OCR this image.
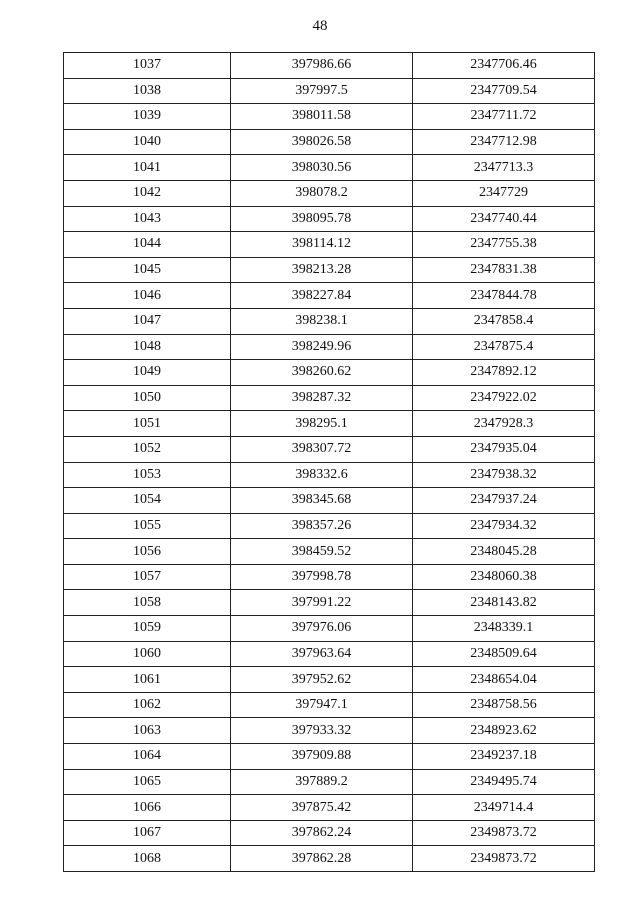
48
1037	397986.66	2347706.46
1038	397997.5	2347709.54
1039	398011.58	2347711.72
1040	398026.58	2347712.98
1041	398030.56	2347713.3
1042	398078.2	2347729
1043	398095.78	2347740.44
1044	398114.12	2347755.38
1045	398213.28	2347831.38
1046	398227.84	2347844.78
1047	398238.1	2347858.4
1048	398249.96	2347875.4
1049	398260.62	2347892.12
1050	398287.32	2347922.02
1051	398295.1	2347928.3
1052	398307.72	2347935.04
1053	398332.6	2347938.32
1054	398345.68	2347937.24
1055	398357.26	2347934.32
1056	398459.52	2348045.28
1057	397998.78	2348060.38
1058	397991.22	2348143.82
1059	397976.06	2348339.1
1060	397963.64	2348509.64
1061	397952.62	2348654.04
1062	397947.1	2348758.56
1063	397933.32	2348923.62
1064	397909.88	2349237.18
1065	397889.2	2349495.74
1066	397875.42	2349714.4
1067	397862.24	2349873.72
1068	397862.28	2349873.72
